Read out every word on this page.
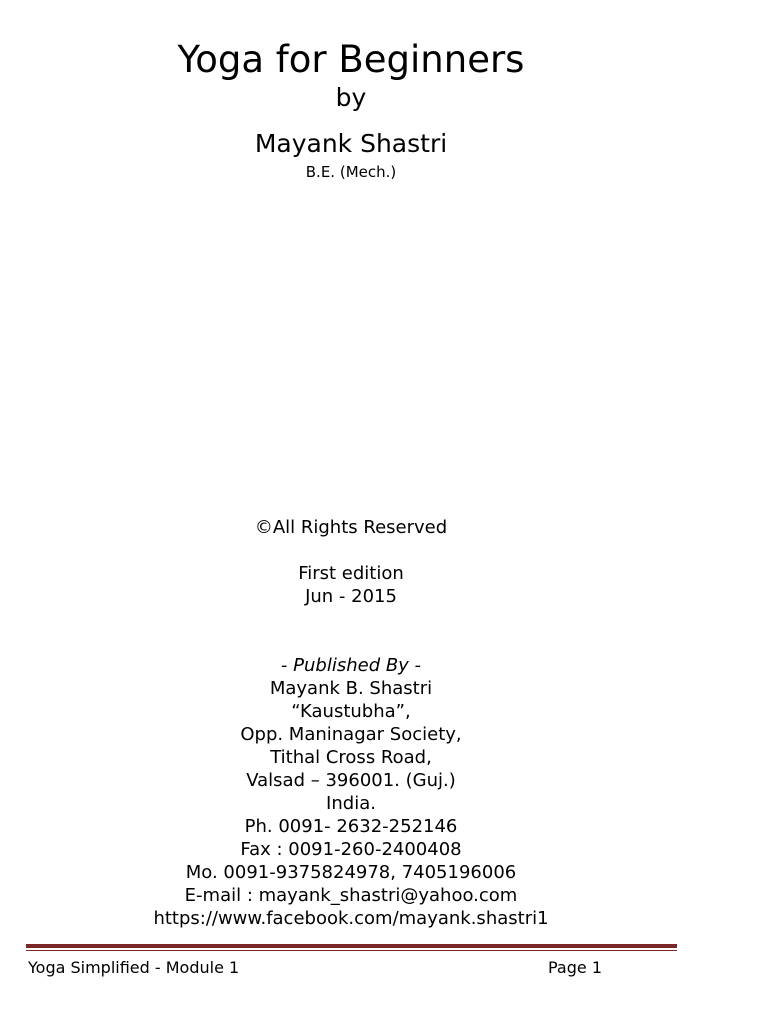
Yoga for Beginners
by
Mayank Shastri
B.E. (Mech.)
©All Rights Reserved
First edition
Jun - 2015
- Published By -
Mayank B. Shastri
“Kaustubha”,
Opp. Maninagar Society,
Tithal Cross Road,
Valsad – 396001. (Guj.)
India.
Ph. 0091- 2632-252146
Fax : 0091-260-2400408
Mo. 0091-9375824978, 7405196006
E-mail : mayank_shastri@yahoo.com
https://www.facebook.com/mayank.shastri1
Yoga Simplified - Module 1	Page 1
